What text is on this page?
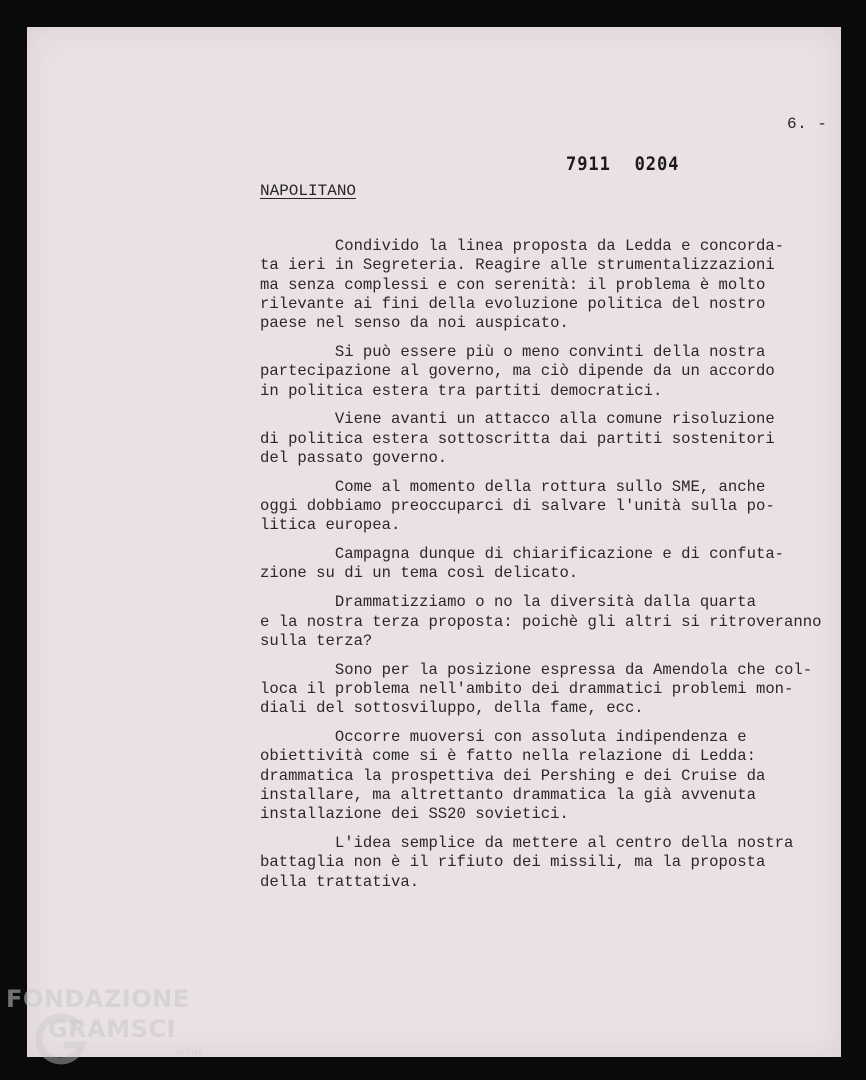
6. -
7911 0204
NAPOLITANO

Condivido la linea proposta da Ledda e concorda-
ta ieri in Segreteria. Reagire alle strumentalizzazioni
ma senza complessi e con serenità: il problema è molto
rilevante ai fini della evoluzione politica del nostro
paese nel senso da noi auspicato.

Si può essere più o meno convinti della nostra
partecipazione al governo, ma ciò dipende da un accordo
in politica estera tra partiti democratici.

Viene avanti un attacco alla comune risoluzione
di politica estera sottoscritta dai partiti sostenitori
del passato governo.

Come al momento della rottura sullo SME, anche
oggi dobbiamo preoccuparci di salvare l'unità sulla po-
litica europea.

Campagna dunque di chiarificazione e di confuta-
zione su di un tema così delicato.

Drammatizziamo o no la diversità dalla quarta
e la nostra terza proposta: poichè gli altri si ritroveranno
sulla terza?

Sono per la posizione espressa da Amendola che col-
loca il problema nell'ambito dei drammatici problemi mon-
diali del sottosviluppo, della fame, ecc.

Occorre muoversi con assoluta indipendenza e
obiettività come si è fatto nella relazione di Ledda:
drammatica la prospettiva dei Pershing e dei Cruise da
installare, ma altrettanto drammatica la già avvenuta
installazione dei SS20 sovietici.

L'idea semplice da mettere al centro della nostra
battaglia non è il rifiuto dei missili, ma la proposta
della trattativa.

FONDAZIONE
GRAMSCI
onlus
